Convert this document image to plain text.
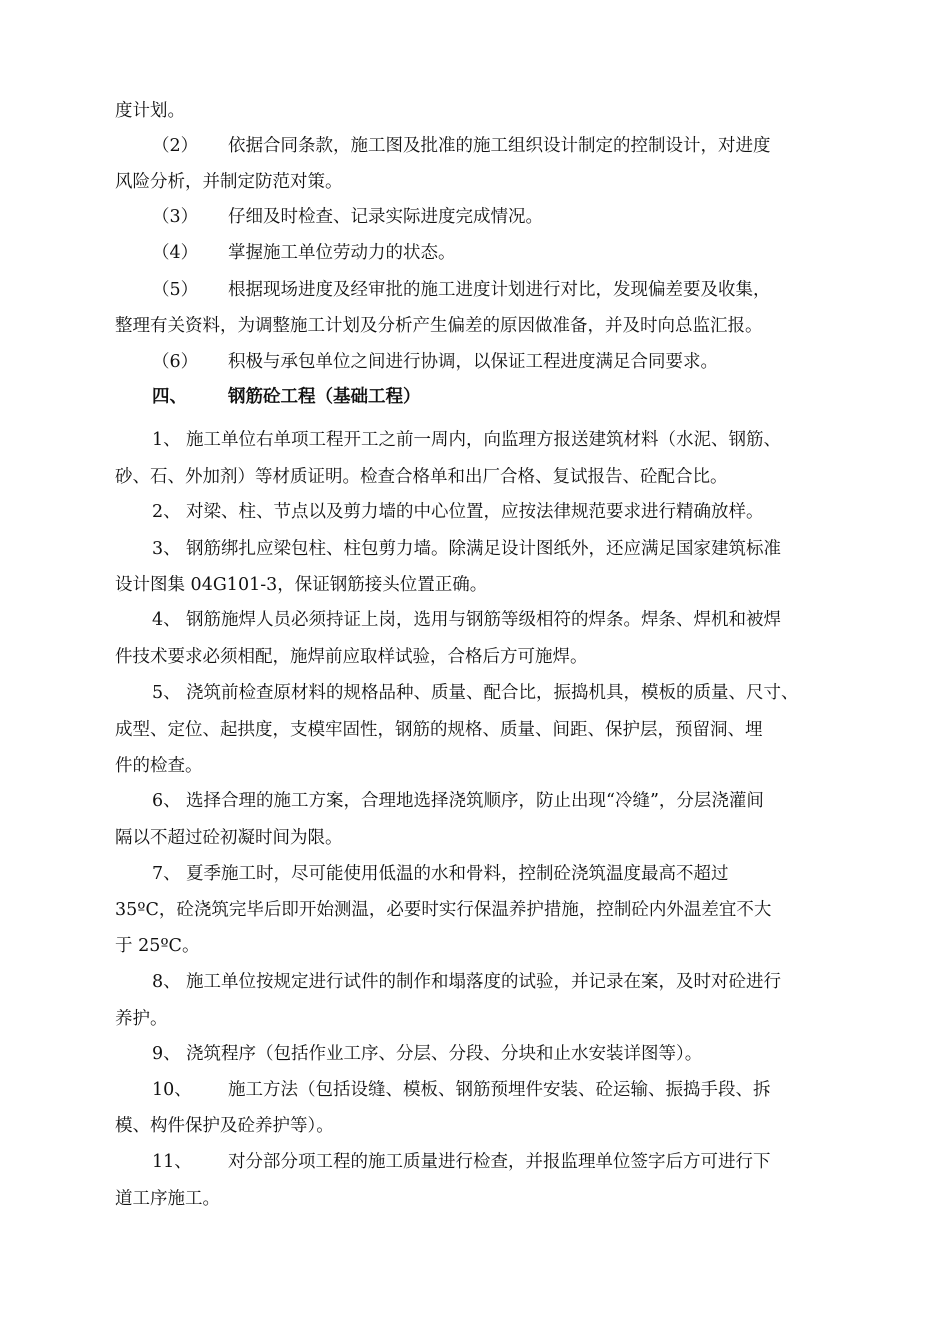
度计划。
（2） 依据合同条款，施工图及批准的施工组织设计制定的控制设计，对进度
风险分析，并制定防范对策。
（3） 仔细及时检查、记录实际进度完成情况。
（4） 掌握施工单位劳动力的状态。
（5） 根据现场进度及经审批的施工进度计划进行对比，发现偏差要及收集，
整理有关资料，为调整施工计划及分析产生偏差的原因做准备，并及时向总监汇报。
（6） 积极与承包单位之间进行协调，以保证工程进度满足合同要求。
四、 钢筋砼工程（基础工程）
1、 施工单位右单项工程开工之前一周内，向监理方报送建筑材料（水泥、钢筋、
砂、石、外加剂）等材质证明。检查合格单和出厂合格、复试报告、砼配合比。
2、 对梁、柱、节点以及剪力墙的中心位置，应按法律规范要求进行精确放样。
3、 钢筋绑扎应梁包柱、柱包剪力墙。除满足设计图纸外，还应满足国家建筑标准
设计图集 04G101-3，保证钢筋接头位置正确。
4、 钢筋施焊人员必须持证上岗，选用与钢筋等级相符的焊条。焊条、焊机和被焊
件技术要求必须相配，施焊前应取样试验，合格后方可施焊。
5、 浇筑前检查原材料的规格品种、质量、配合比，振捣机具，模板的质量、尺寸、
成型、定位、起拱度，支模牢固性，钢筋的规格、质量、间距、保护层，预留洞、埋
件的检查。
6、 选择合理的施工方案，合理地选择浇筑顺序，防止出现“冷缝”，分层浇灌间
隔以不超过砼初凝时间为限。
7、 夏季施工时，尽可能使用低温的水和骨料，控制砼浇筑温度最高不超过
35ºC，砼浇筑完毕后即开始测温，必要时实行保温养护措施，控制砼内外温差宜不大
于 25ºC。
8、 施工单位按规定进行试件的制作和塌落度的试验，并记录在案，及时对砼进行
养护。
9、 浇筑程序（包括作业工序、分层、分段、分块和止水安装详图等）。
10、 施工方法（包括设缝、模板、钢筋预埋件安装、砼运输、振捣手段、拆
模、构件保护及砼养护等）。
11、 对分部分项工程的施工质量进行检查，并报监理单位签字后方可进行下
道工序施工。
